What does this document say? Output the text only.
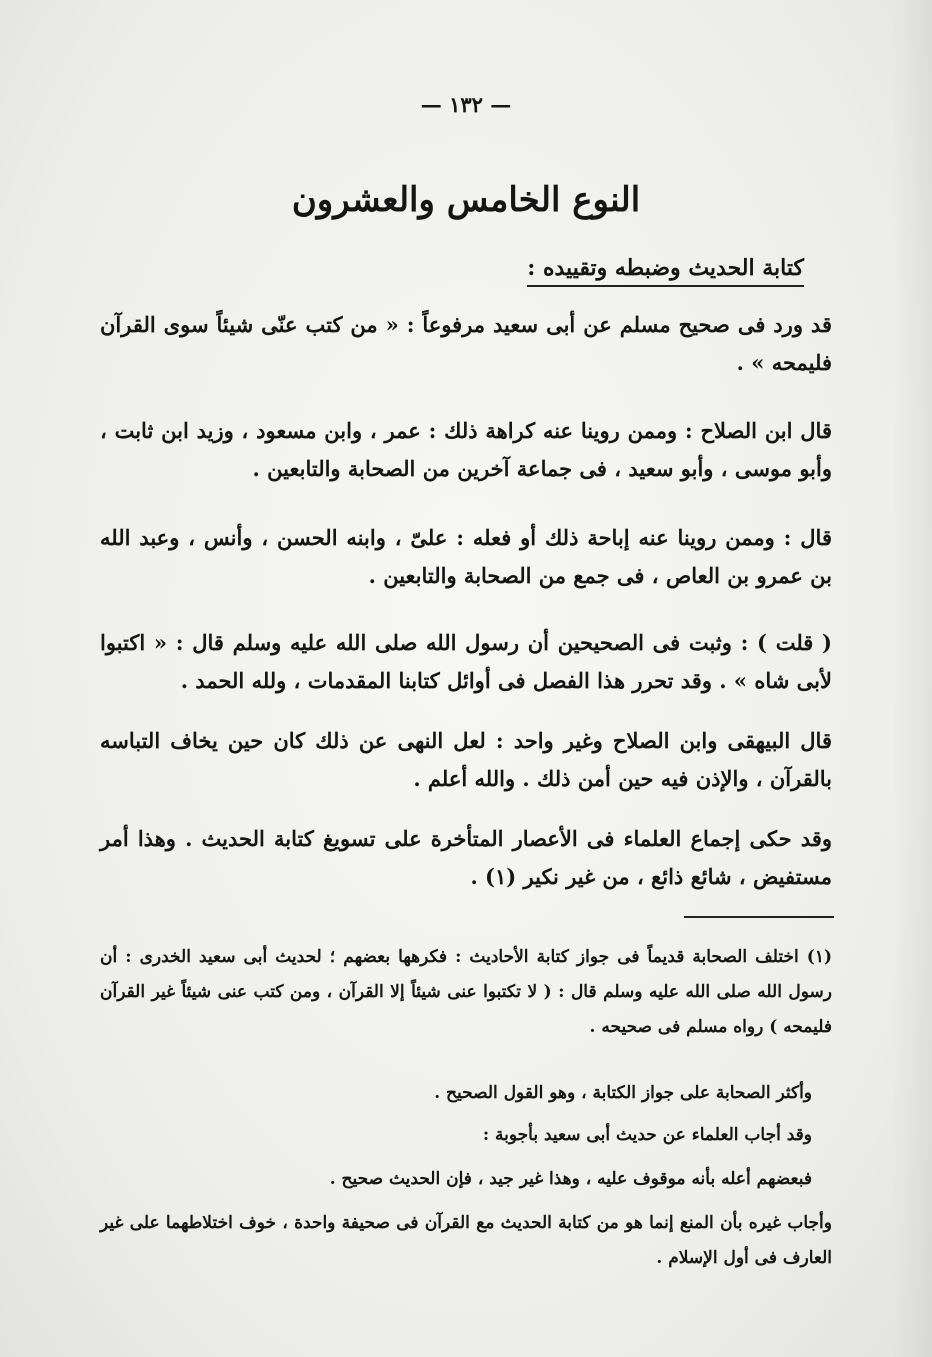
— ١٣٢ —
النوع الخامس والعشرون
كتابة الحديث وضبطه وتقييده :
قد ورد فى صحيح مسلم عن أبى سعيد مرفوعاً : « من كتب عنّى شيئاً سوى القرآن فليمحه » .
قال ابن الصلاح : وممن روينا عنه كراهة ذلك : عمر ، وابن مسعود ، وزيد ابن ثابت ، وأبو موسى ، وأبو سعيد ، فى جماعة آخرين من الصحابة والتابعين .
قال : وممن روينا عنه إباحة ذلك أو فعله : علىّ ، وابنه الحسن ، وأنس ، وعبد الله بن عمرو بن العاص ، فى جمع من الصحابة والتابعين .
( قلت ) : وثبت فى الصحيحين أن رسول الله صلى الله عليه وسلم قال : « اكتبوا لأبى شاه » . وقد تحرر هذا الفصل فى أوائل كتابنا المقدمات ، ولله الحمد .
قال البيهقى وابن الصلاح وغير واحد : لعل النهى عن ذلك كان حين يخاف التباسه بالقرآن ، والإذن فيه حين أمن ذلك . والله أعلم .
وقد حكى إجماع العلماء فى الأعصار المتأخرة على تسويغ كتابة الحديث . وهذا أمر مستفيض ، شائع ذائع ، من غير نكير (١) .
(١) اختلف الصحابة قديماً فى جواز كتابة الأحاديث : فكرهها بعضهم ؛ لحديث أبى سعيد الخدرى : أن رسول الله صلى الله عليه وسلم قال : ( لا تكتبوا عنى شيئاً إلا القرآن ، ومن كتب عنى شيئاً غير القرآن فليمحه ) رواه مسلم فى صحيحه .
وأكثر الصحابة على جواز الكتابة ، وهو القول الصحيح .
وقد أجاب العلماء عن حديث أبى سعيد بأجوبة :
فبعضهم أعله بأنه موقوف عليه ، وهذا غير جيد ، فإن الحديث صحيح .
وأجاب غيره بأن المنع إنما هو من كتابة الحديث مع القرآن فى صحيفة واحدة ، خوف اختلاطهما على غير العارف فى أول الإسلام .
